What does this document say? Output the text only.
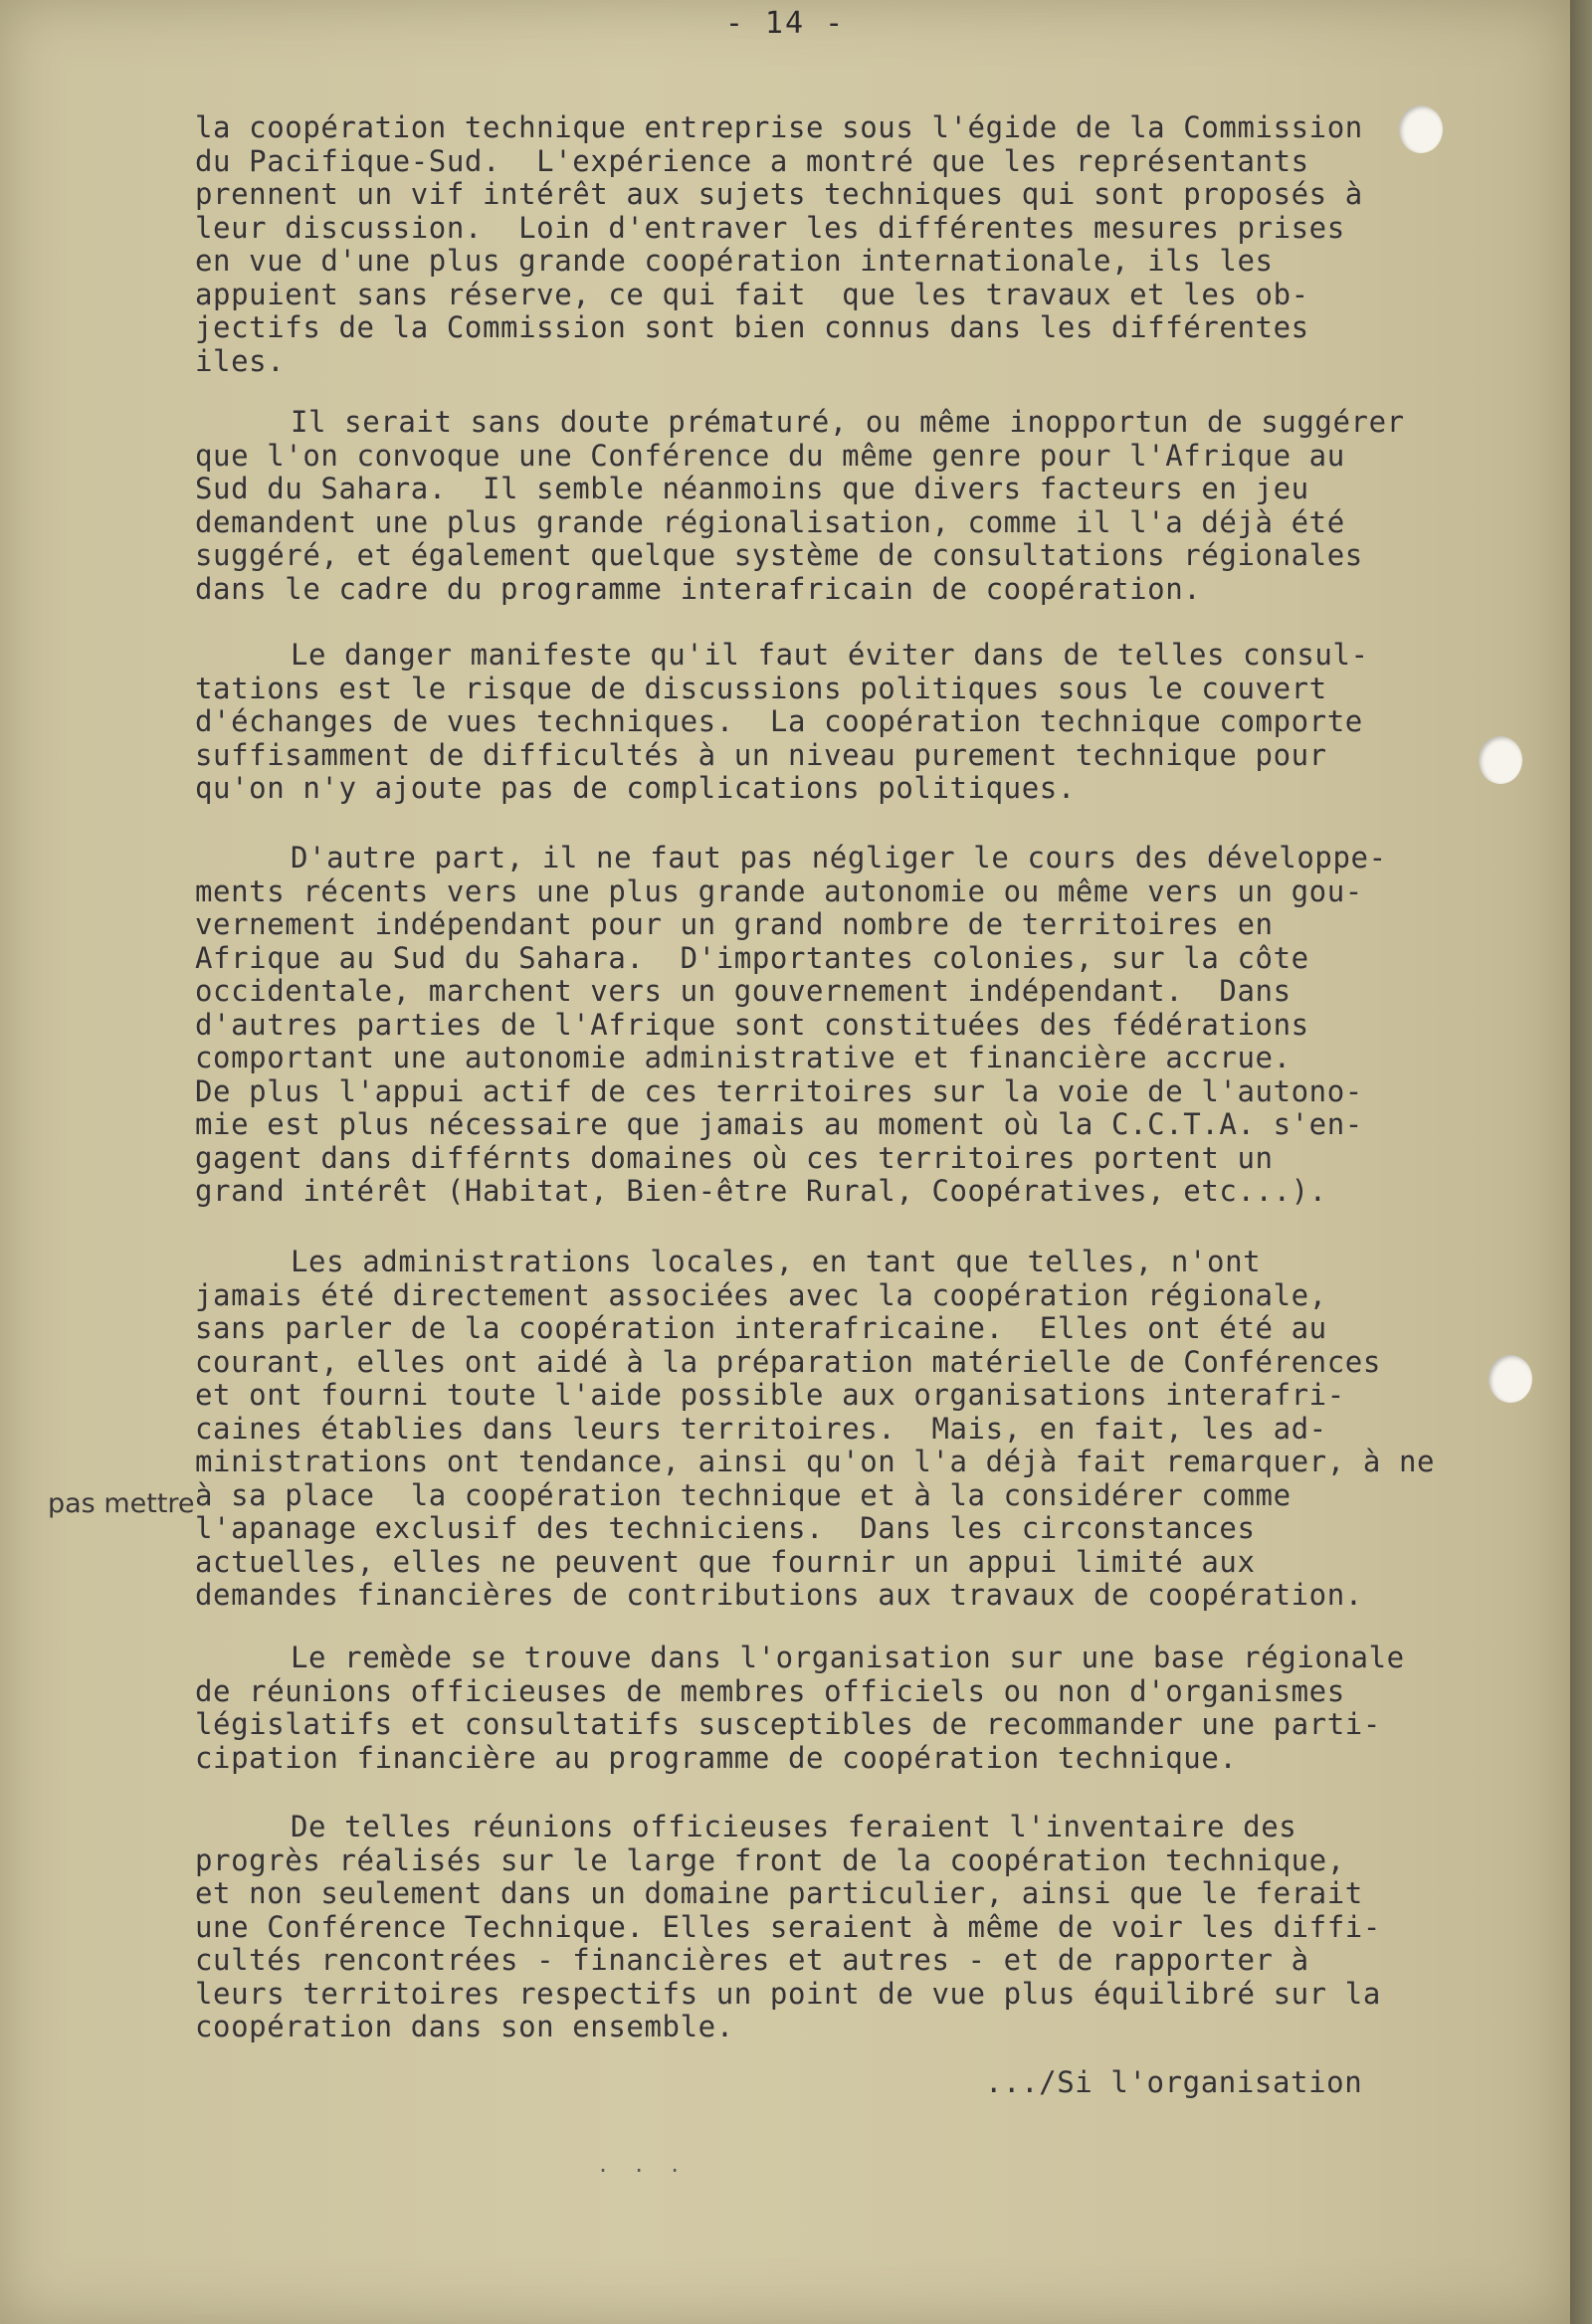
- 14 -
la coopération technique entreprise sous l'égide de la Commission
du Pacifique-Sud.  L'expérience a montré que les représentants
prennent un vif intérêt aux sujets techniques qui sont proposés à
leur discussion.  Loin d'entraver les différentes mesures prises
en vue d'une plus grande coopération internationale, ils les
appuient sans réserve, ce qui fait  que les travaux et les ob-
jectifs de la Commission sont bien connus dans les différentes
iles.
Il serait sans doute prématuré, ou même inopportun de suggérer
que l'on convoque une Conférence du même genre pour l'Afrique au
Sud du Sahara.  Il semble néanmoins que divers facteurs en jeu
demandent une plus grande régionalisation, comme il l'a déjà été
suggéré, et également quelque système de consultations régionales
dans le cadre du programme interafricain de coopération.
Le danger manifeste qu'il faut éviter dans de telles consul-
tations est le risque de discussions politiques sous le couvert
d'échanges de vues techniques.  La coopération technique comporte
suffisamment de difficultés à un niveau purement technique pour
qu'on n'y ajoute pas de complications politiques.
D'autre part, il ne faut pas négliger le cours des développe-
ments récents vers une plus grande autonomie ou même vers un gou-
vernement indépendant pour un grand nombre de territoires en
Afrique au Sud du Sahara.  D'importantes colonies, sur la côte
occidentale, marchent vers un gouvernement indépendant.  Dans
d'autres parties de l'Afrique sont constituées des fédérations
comportant une autonomie administrative et financière accrue.
De plus l'appui actif de ces territoires sur la voie de l'autono-
mie est plus nécessaire que jamais au moment où la C.C.T.A. s'en-
gagent dans différnts domaines où ces territoires portent un
grand intérêt (Habitat, Bien-être Rural, Coopératives, etc...).
Les administrations locales, en tant que telles, n'ont
jamais été directement associées avec la coopération régionale,
sans parler de la coopération interafricaine.  Elles ont été au
courant, elles ont aidé à la préparation matérielle de Conférences
et ont fourni toute l'aide possible aux organisations interafri-
caines établies dans leurs territoires.  Mais, en fait, les ad-
ministrations ont tendance, ainsi qu'on l'a déjà fait remarquer, à ne
à sa place  la coopération technique et à la considérer comme
l'apanage exclusif des techniciens.  Dans les circonstances
actuelles, elles ne peuvent que fournir un appui limité aux
demandes financières de contributions aux travaux de coopération.
pas mettre
Le remède se trouve dans l'organisation sur une base régionale
de réunions officieuses de membres officiels ou non d'organismes
législatifs et consultatifs susceptibles de recommander une parti-
cipation financière au programme de coopération technique.
De telles réunions officieuses feraient l'inventaire des
progrès réalisés sur le large front de la coopération technique,
et non seulement dans un domaine particulier, ainsi que le ferait
une Conférence Technique. Elles seraient à même de voir les diffi-
cultés rencontrées - financières et autres - et de rapporter à
leurs territoires respectifs un point de vue plus équilibré sur la
coopération dans son ensemble.
.../Si l'organisation
. . .
